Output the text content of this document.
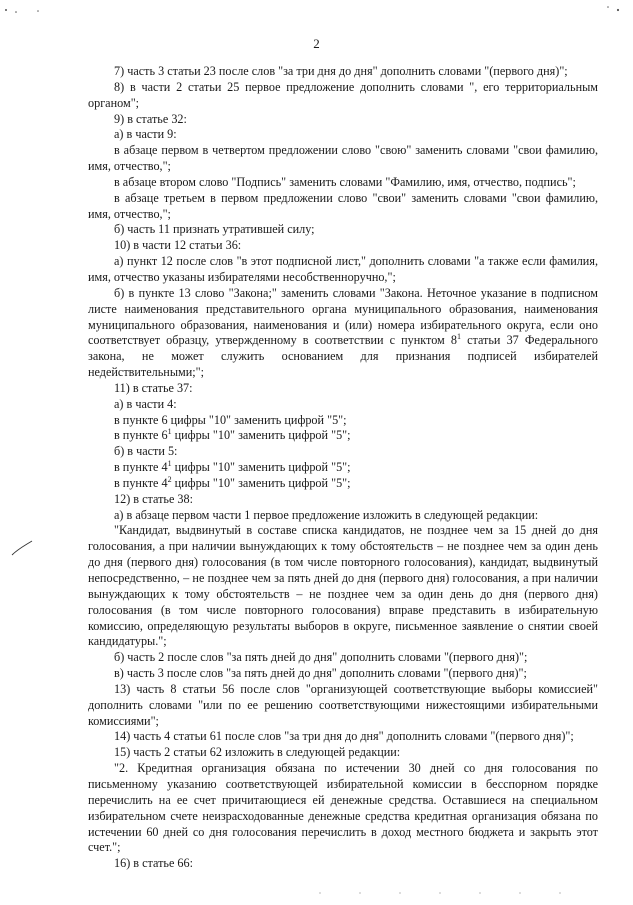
2

7) часть 3 статьи 23 после слов "за три дня до дня" дополнить словами "(первого дня)";

8) в части 2 статьи 25 первое предложение дополнить словами ", его территориальным органом";

9) в статье 32:

а) в части 9:

в абзаце первом в четвертом предложении слово "свою" заменить словами "свои фамилию, имя, отчество,";

в абзаце втором слово "Подпись" заменить словами "Фамилию, имя, отчество, подпись";

в абзаце третьем в первом предложении слово "свои" заменить словами "свои фамилию, имя, отчество,";

б) часть 11 признать утратившей силу;

10) в части 12 статьи 36:

а) пункт 12 после слов "в этот подписной лист," дополнить словами "а также если фамилия, имя, отчество указаны избирателями несобственноручно,";

б) в пункте 13 слово "Закона;" заменить словами "Закона. Неточное указание в подписном листе наименования представительного органа муниципального образования, наименования муниципального образования, наименования и (или) номера избирательного округа, если оно соответствует образцу, утвержденному в соответствии с пунктом $8^1$ статьи 37 Федерального закона, не может служить основанием для признания подписей избирателей недействительными;";

11) в статье 37:

а) в части 4:

в пункте 6 цифры "10" заменить цифрой "5";

в пункте $6^1$ цифры "10" заменить цифрой "5";

б) в части 5:

в пункте $4^1$ цифры "10" заменить цифрой "5";

в пункте $4^2$ цифры "10" заменить цифрой "5";

12) в статье 38:

а) в абзаце первом части 1 первое предложение изложить в следующей редакции:

"Кандидат, выдвинутый в составе списка кандидатов, не позднее чем за 15 дней до дня голосования, а при наличии вынуждающих к тому обстоятельств – не позднее чем за один день до дня (первого дня) голосования (в том числе повторного голосования), кандидат, выдвинутый непосредственно, – не позднее чем за пять дней до дня (первого дня) голосования, а при наличии вынуждающих к тому обстоятельств – не позднее чем за один день до дня (первого дня) голосования (в том числе повторного голосования) вправе представить в избирательную комиссию, определяющую результаты выборов в округе, письменное заявление о снятии своей кандидатуры.";

б) часть 2 после слов "за пять дней до дня" дополнить словами "(первого дня)";

в) часть 3 после слов "за пять дней до дня" дополнить словами "(первого дня)";

13) часть 8 статьи 56 после слов "организующей соответствующие выборы комиссией" дополнить словами "или по ее решению соответствующими нижестоящими избирательными комиссиями";

14) часть 4 статьи 61 после слов "за три дня до дня" дополнить словами "(первого дня)";

15) часть 2 статьи 62 изложить в следующей редакции:

"2. Кредитная организация обязана по истечении 30 дней со дня голосования по письменному указанию соответствующей избирательной комиссии в бесспорном порядке перечислить на ее счет причитающиеся ей денежные средства. Оставшиеся на специальном избирательном счете неизрасходованные денежные средства кредитная организация обязана по истечении 60 дней со дня голосования перечислить в доход местного бюджета и закрыть этот счет.";

16) в статье 66:
